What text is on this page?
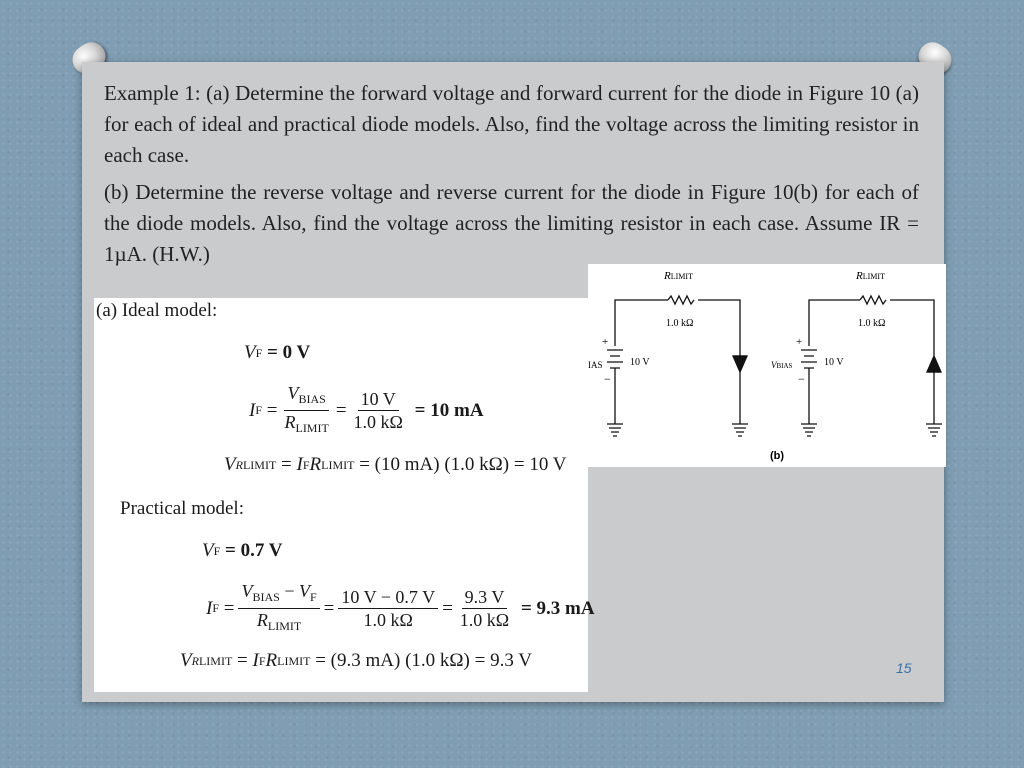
Example 1: (a) Determine the forward voltage and forward current for the diode in Figure 10 (a) for each of ideal and practical diode models. Also, find the voltage across the limiting resistor in each case.

(b) Determine the reverse voltage and reverse current for the diode in Figure 10(b) for each of the diode models. Also, find the voltage across the limiting resistor in each case. Assume IR = 1µA. (H.W.)

(a) Ideal model:
V F
= 0 V
I $F = \frac{V_{BIAS}}{R_{LIMIT}} = \frac{10 V}{1.0 k\Omega}$
= 10 mA
V RLIMIT = I F R LIMIT
= (10 mA) (1.0 kΩ) = 10 V
Practical model:
V F
= 0.7 V
I $F = \frac{V_{BIAS} - V_F}{R_{LIMIT}} = \frac{10 V - 0.7 V}{1.0 k\Omega} = \frac{9.3 V}{1.0 k\Omega}$
= 9.3 mA
V RLIMIT = I F R LIMIT
= (9.3 mA) (1.0 kΩ) = 9.3 V
RLIMIT
1.0 kΩ
+
−
IAS	10 V
RLIMIT
1.0 kΩ
+
−
VBIAS	10 V
(b)
15
